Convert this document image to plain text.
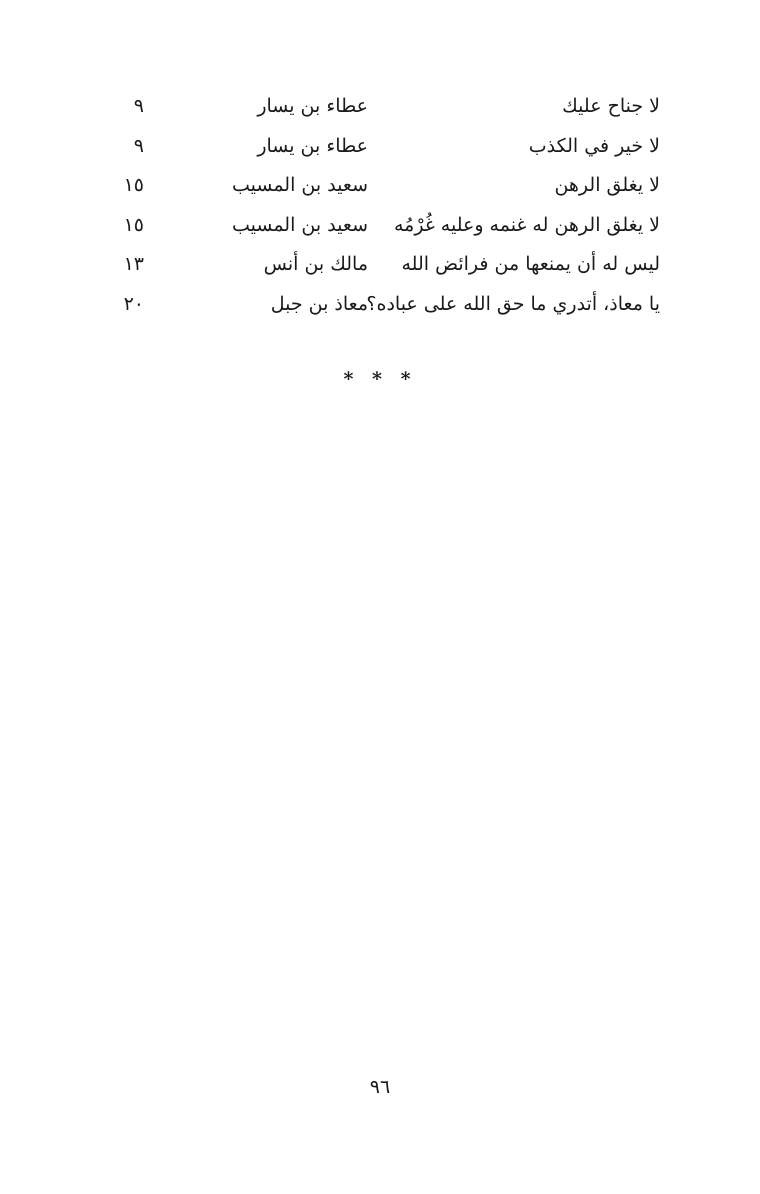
لا جناح عليك
عطاء بن يسار
٩
لا خير في الكذب
عطاء بن يسار
٩
لا يغلق الرهن
سعيد بن المسيب
١٥
لا يغلق الرهن له غنمه وعليه غُرْمُه
سعيد بن المسيب
١٥
ليس له أن يمنعها من فرائض الله
مالك بن أنس
١٣
يا معاذ، أتدري ما حق الله على عباده؟
معاذ بن جبل
٢٠
* * *
٩٦
